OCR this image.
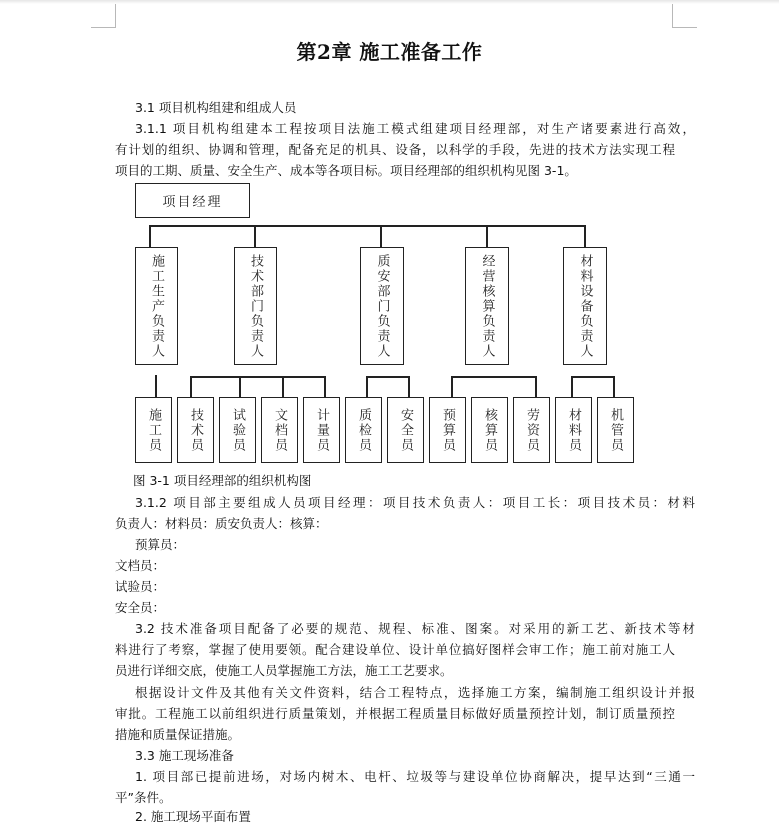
第2章 施工准备工作
3.1 项目机构组建和组成人员
3.1.1 项目机构组建本工程按项目法施工模式组建项目经理部，对生产诸要素进行高效，
有计划的组织、协调和管理，配备充足的机具、设备，以科学的手段，先进的技术方法实现工程
项目的工期、质量、安全生产、成本等各项目标。项目经理部的组织机构见图 3-1。
项目经理
施工生产负责人	技术部门负责人	质安部门负责人	经营核算负责人	材料设备负责人
施工员 技术员 试验员 文档员 计量员 质检员 安全员 预算员 核算员 劳资员 材料员 机管员
图 3-1 项目经理部的组织机构图
3.1.2 项目部主要组成人员项目经理：项目技术负责人：项目工长：项目技术员：材料
负责人：材料员：质安负责人：核算：
预算员：
文档员：
试验员：
安全员：
3.2 技术准备项目配备了必要的规范、规程、标准、图案。对采用的新工艺、新技术等材
料进行了考察，掌握了使用要领。配合建设单位、设计单位搞好图样会审工作；施工前对施工人
员进行详细交底，使施工人员掌握施工方法，施工工艺要求。
根据设计文件及其他有关文件资料，结合工程特点，选择施工方案，编制施工组织设计并报
审批。工程施工以前组织进行质量策划，并根据工程质量目标做好质量预控计划，制订质量预控
措施和质量保证措施。
3.3 施工现场准备
1. 项目部已提前进场，对场内树木、电杆、垃圾等与建设单位协商解决，提早达到“三通一
平”条件。
2. 施工现场平面布置
